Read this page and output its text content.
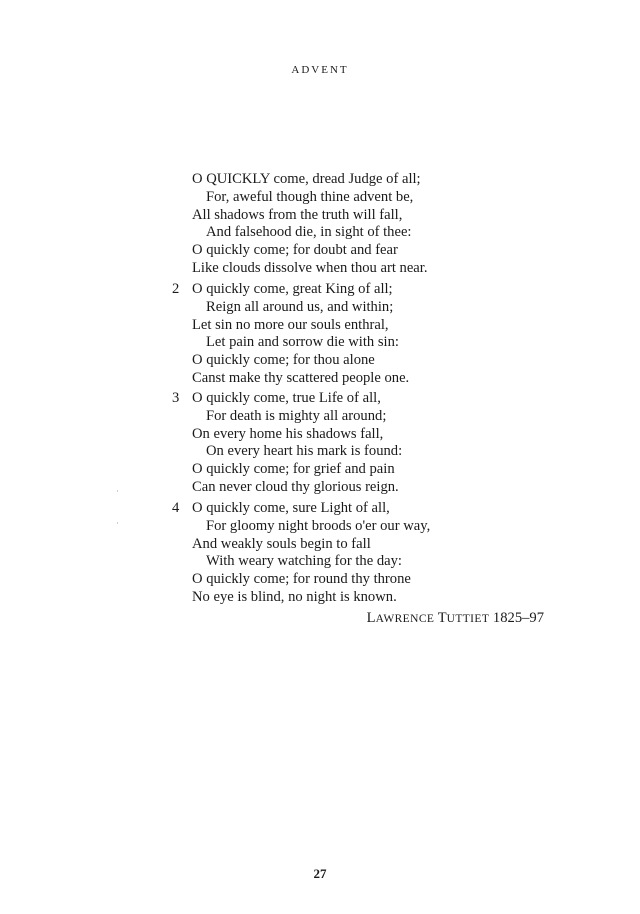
ADVENT
O QUICKLY come, dread Judge of all;
For, aweful though thine advent be,
All shadows from the truth will fall,
And falsehood die, in sight of thee:
O quickly come; for doubt and fear
Like clouds dissolve when thou art near.
2 O quickly come, great King of all;
Reign all around us, and within;
Let sin no more our souls enthral,
Let pain and sorrow die with sin:
O quickly come; for thou alone
Canst make thy scattered people one.
3 O quickly come, true Life of all,
For death is mighty all around;
On every home his shadows fall,
On every heart his mark is found:
O quickly come; for grief and pain
Can never cloud thy glorious reign.
4 O quickly come, sure Light of all,
For gloomy night broods o'er our way,
And weakly souls begin to fall
With weary watching for the day:
O quickly come; for round thy throne
No eye is blind, no night is known.
LAWRENCE TUTTIET 1825–97
27
